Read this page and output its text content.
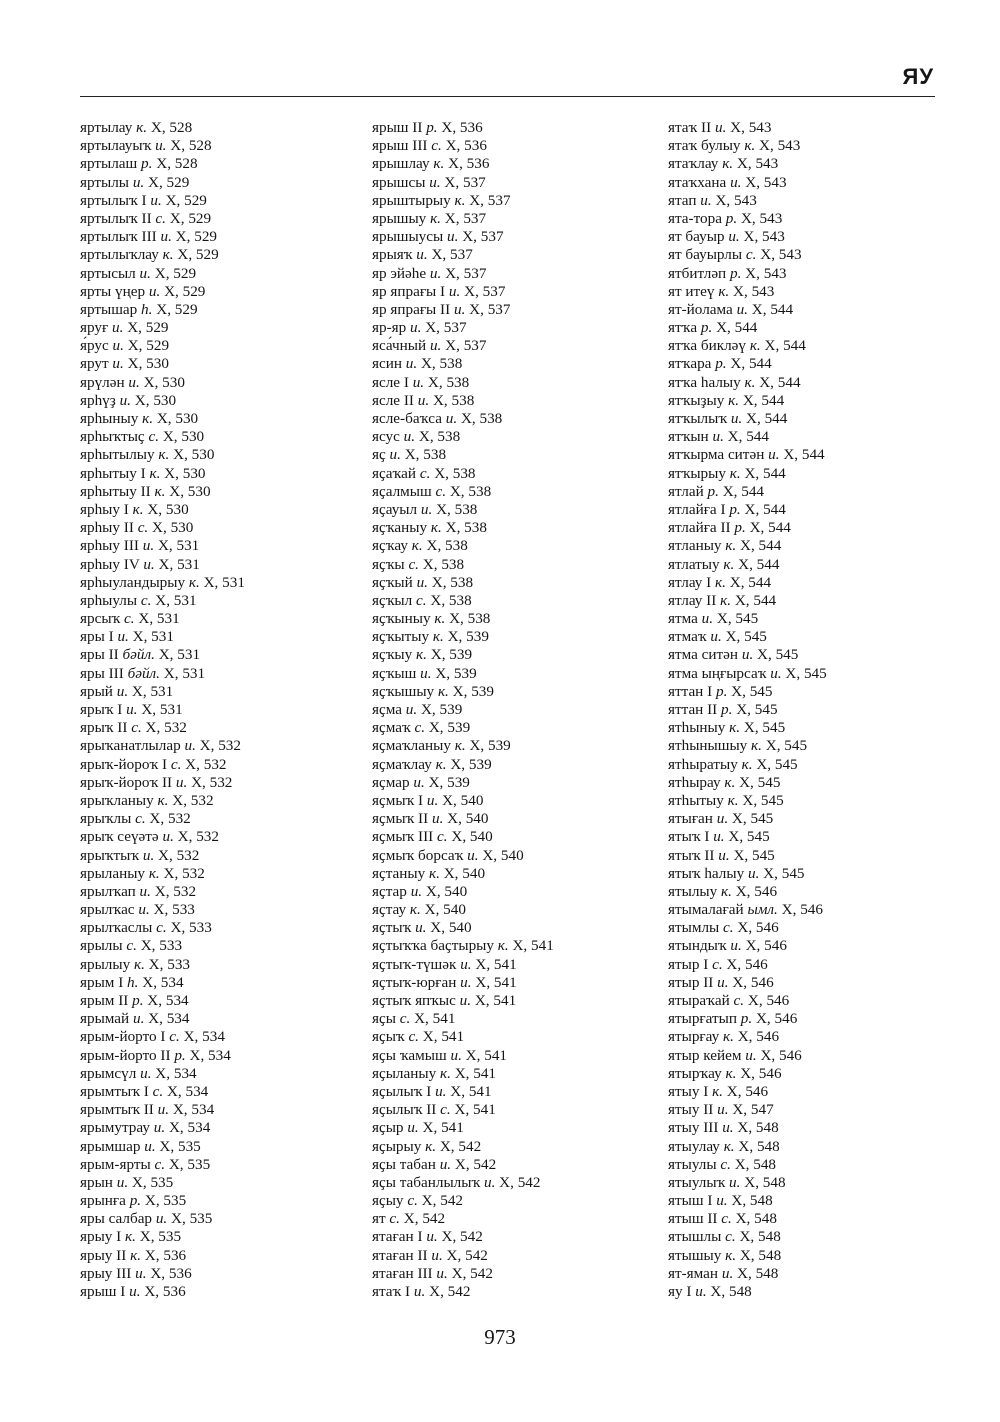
ЯУ
яртылау к. X, 528
яртылауыҡ и. X, 528
яртылаш р. X, 528
яртылы и. X, 529
яртылыҡ I и. X, 529
яртылыҡ II с. X, 529
яртылыҡ III и. X, 529
яртылыҡлау к. X, 529
яртысыл и. X, 529
ярты үңер и. X, 529
яртышар h. X, 529
яруғ и. X, 529
я́рус и. X, 529
ярут и. X, 530
ярүлән и. X, 530
ярһүҙ и. X, 530
ярһыныу к. X, 530
ярһыҡтыҫ с. X, 530
ярһытылыу к. X, 530
ярһытыу I к. X, 530
ярһытыу II к. X, 530
ярһыу I к. X, 530
ярһыу II с. X, 530
ярһыу III и. X, 531
ярһыу IV и. X, 531
ярһыуландырыу к. X, 531
ярһыулы с. X, 531
ярсыҡ с. X, 531
яры I и. X, 531
яры II бәйл. X, 531
яры III бәйл. X, 531
ярый и. X, 531
ярыҡ I и. X, 531
ярыҡ II с. X, 532
ярыҡанатлылар и. X, 532
ярыҡ-йороҡ I с. X, 532
ярыҡ-йороҡ II и. X, 532
ярыҡланыу к. X, 532
ярыҡлы с. X, 532
ярыҡ сеүәтә и. X, 532
ярыҡтыҡ и. X, 532
ярыланыу к. X, 532
ярылҡап и. X, 532
ярылҡас и. X, 533
ярылҡаслы с. X, 533
ярылы с. X, 533
ярылыу к. X, 533
ярым I h. X, 534
ярым II р. X, 534
ярымай и. X, 534
ярым-йорто I с. X, 534
ярым-йорто II р. X, 534
ярымсүл и. X, 534
ярымтыҡ I с. X, 534
ярымтыҡ II и. X, 534
ярымутрау и. X, 534
ярымшар и. X, 535
ярым-ярты с. X, 535
ярын и. X, 535
ярынға р. X, 535
яры салбар и. X, 535
ярыу I к. X, 535
ярыу II к. X, 536
ярыу III и. X, 536
ярыш I и. X, 536
ярыш II р. X, 536
ярыш III с. X, 536
ярышлау к. X, 536
ярышсы и. X, 537
ярыштырыу к. X, 537
ярышыу к. X, 537
ярышыусы и. X, 537
ярыяҡ и. X, 537
яр эйәһе и. X, 537
яр япрағы I и. X, 537
яр япрағы II и. X, 537
яр-яр и. X, 537
яса́чный и. X, 537
ясин и. X, 538
ясле I и. X, 538
ясле II и. X, 538
ясле-баҡса и. X, 538
ясус и. X, 538
яҫ и. X, 538
яҫаҡай с. X, 538
яҫалмыш с. X, 538
яҫауыл и. X, 538
яҫҡаныу к. X, 538
яҫҡау к. X, 538
яҫҡы с. X, 538
яҫҡый и. X, 538
яҫҡыл с. X, 538
яҫҡыныу к. X, 538
яҫҡытыу к. X, 539
яҫҡыу к. X, 539
яҫҡыш и. X, 539
яҫҡышыу к. X, 539
яҫма и. X, 539
яҫмаҡ с. X, 539
яҫмаҡланыу к. X, 539
яҫмаҡлау к. X, 539
яҫмар и. X, 539
яҫмыҡ I и. X, 540
яҫмыҡ II и. X, 540
яҫмыҡ III с. X, 540
яҫмыҡ борсаҡ и. X, 540
яҫтаныу к. X, 540
яҫтар и. X, 540
яҫтау к. X, 540
яҫтыҡ и. X, 540
яҫтыҡҡа баҫтырыу к. X, 541
яҫтыҡ-түшәк и. X, 541
яҫтыҡ-юрған и. X, 541
яҫтыҡ япҡыс и. X, 541
яҫы с. X, 541
яҫыҡ с. X, 541
яҫы ҡамыш и. X, 541
яҫыланыу к. X, 541
яҫылыҡ I и. X, 541
яҫылыҡ II с. X, 541
яҫыр и. X, 541
яҫырыу к. X, 542
яҫы табан и. X, 542
яҫы табанлылыҡ и. X, 542
яҫыу с. X, 542
ят с. X, 542
ятаған I и. X, 542
ятаған II и. X, 542
ятаған III и. X, 542
ятаҡ I и. X, 542
ятаҡ II и. X, 543
ятаҡ булыу к. X, 543
ятаҡлау к. X, 543
ятаҡхана и. X, 543
ятап и. X, 543
ята-тора р. X, 543
ят бауыр и. X, 543
ят бауырлы с. X, 543
ятбитләп р. X, 543
ят итеү к. X, 543
ят-йолама и. X, 544
ятҡа р. X, 544
ятҡа бикләү к. X, 544
ятҡара р. X, 544
ятҡа һалыу к. X, 544
ятҡыҙыу к. X, 544
ятҡылыҡ и. X, 544
ятҡын и. X, 544
ятҡырма ситән и. X, 544
ятҡырыу к. X, 544
ятлай р. X, 544
ятлайға I р. X, 544
ятлайға II р. X, 544
ятланыу к. X, 544
ятлатыу к. X, 544
ятлау I к. X, 544
ятлау II к. X, 544
ятма и. X, 545
ятмаҡ и. X, 545
ятма ситән и. X, 545
ятма ыңғырсаҡ и. X, 545
яттан I р. X, 545
яттан II р. X, 545
ятһыныу к. X, 545
ятһынышыу к. X, 545
ятһыратыу к. X, 545
ятһырау к. X, 545
ятһытыу к. X, 545
ятыған и. X, 545
ятыҡ I и. X, 545
ятыҡ II и. X, 545
ятыҡ һалыу и. X, 545
ятылыу к. X, 546
ятымалағай ымл. X, 546
ятымлы с. X, 546
ятындыҡ и. X, 546
ятыр I с. X, 546
ятыр II и. X, 546
ятыраҡай с. X, 546
ятырғатып р. X, 546
ятырғау к. X, 546
ятыр кейем и. X, 546
ятырҡау к. X, 546
ятыу I к. X, 546
ятыу II и. X, 547
ятыу III и. X, 548
ятыулау к. X, 548
ятыулы с. X, 548
ятыулыҡ и. X, 548
ятыш I и. X, 548
ятыш II с. X, 548
ятышлы с. X, 548
ятышыу к. X, 548
ят-яман и. X, 548
яу I и. X, 548
973
